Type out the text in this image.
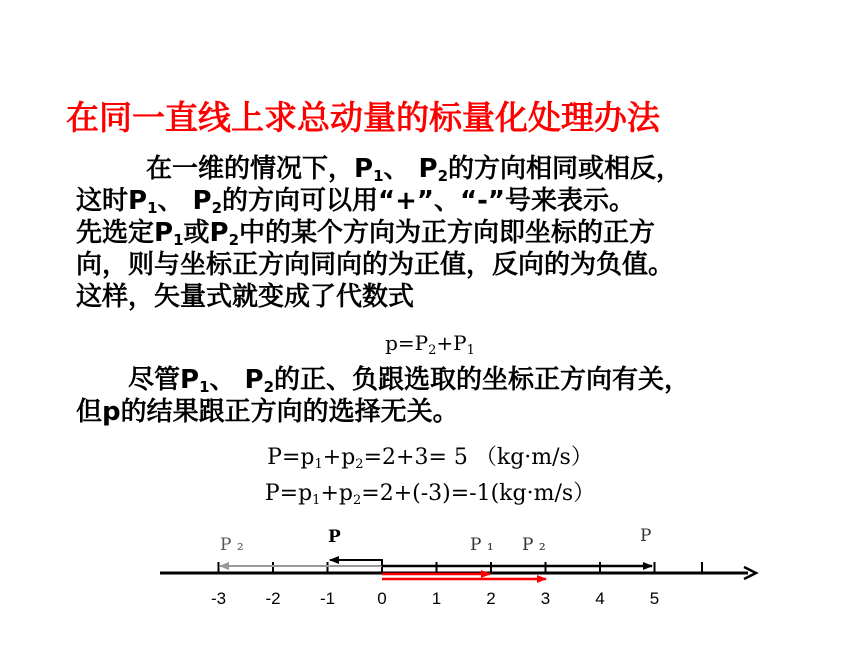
在同一直线上求总动量的标量化处理办法
在一维的情况下，$P_1$、 $P_2$的方向相同或相反，
这时$P_1$、 $P_2$的方向可以用“+”、“-”号来表示。
先选定$P_1$或$P_2$中的某个方向为正方向即坐标的正方
向，则与坐标正方向同向的为正值，反向的为负值。
这样，矢量式就变成了代数式
$p=P_2+P_1$
尽管$P_1$、 $P_2$的正、负跟选取的坐标正方向有关，
但p的结果跟正方向的选择无关。
$P=p_1+p_2=2+3= 5$ （kg·m/s）
$P=p_1+p_2=2+(-3)=-1(kg\cdot m/s)$
P ₂	P	P ₁ P ₂	P
-3 -2 -1 0	1	2	3	4	5
